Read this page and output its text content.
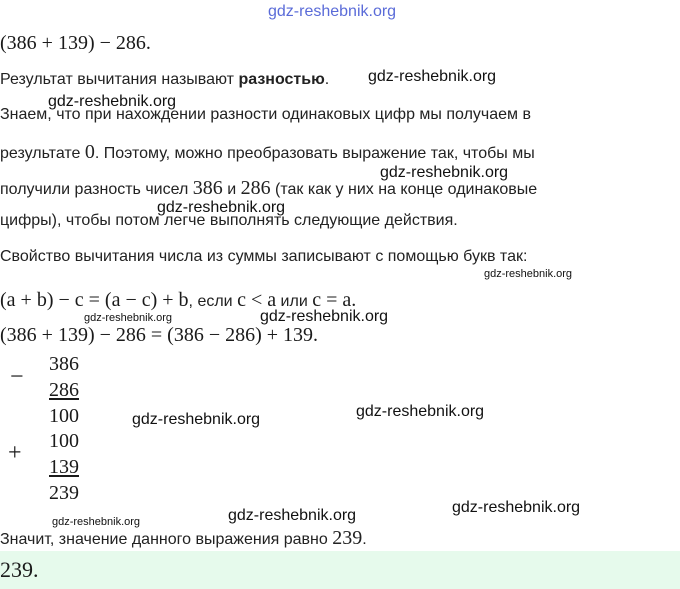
gdz-reshebnik.org
(386 + 139) − 286.
Результат вычитания называют разностью. gdz-reshebnik.org
gdz-reshebnik.org
Знаем, что при нахождении разности одинаковых цифр мы получаем в
результате 0. Поэтому, можно преобразовать выражение так, чтобы мы
gdz-reshebnik.org
получили разность чисел 386 и 286 (так как у них на конце одинаковые
gdz-reshebnik.org
цифры), чтобы потом легче выполнять следующие действия.
Свойство вычитания числа из суммы записывают с помощью букв так:
gdz-reshebnik.org
(a + b) − c = (a − c) + b, если c < a или c = a.
gdz-reshebnik.org	gdz-reshebnik.org
(386 + 139) − 286 = (386 − 286) + 139.
− 386
286
100	gdz-reshebnik.org	gdz-reshebnik.org
100
+
139
239
gdz-reshebnik.org
gdz-reshebnik.org
gdz-reshebnik.org
Значит, значение данного выражения равно 239.
239.
